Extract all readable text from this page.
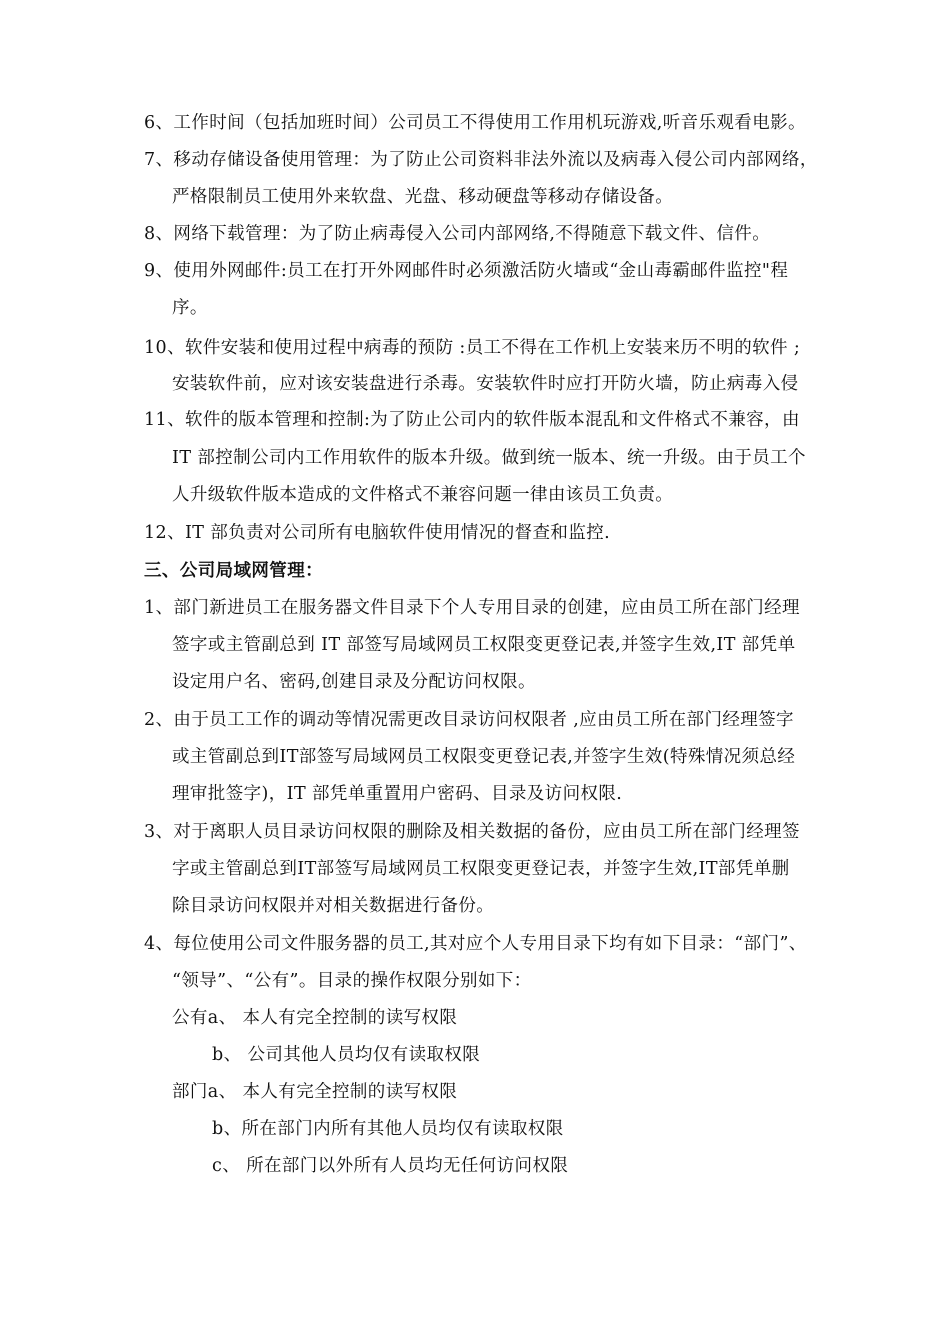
6、工作时间（包括加班时间）公司员工不得使用工作用机玩游戏,听音乐观看电影。
7、移动存储设备使用管理：为了防止公司资料非法外流以及病毒入侵公司内部网络，
严格限制员工使用外来软盘、光盘、移动硬盘等移动存储设备。
8、网络下载管理：为了防止病毒侵入公司内部网络,不得随意下载文件、信件。
9、使用外网邮件:员工在打开外网邮件时必须激活防火墙或“金山毒霸邮件监控"程
序。
10、软件安装和使用过程中病毒的预防 :员工不得在工作机上安装来历不明的软件 ;
安装软件前，应对该安装盘进行杀毒。安装软件时应打开防火墙，防止病毒入侵
11、软件的版本管理和控制:为了防止公司内的软件版本混乱和文件格式不兼容，由
IT 部控制公司内工作用软件的版本升级。做到统一版本、统一升级。由于员工个
人升级软件版本造成的文件格式不兼容问题一律由该员工负责。
12、IT 部负责对公司所有电脑软件使用情况的督查和监控.
三、公司局域网管理：
1、部门新进员工在服务器文件目录下个人专用目录的创建，应由员工所在部门经理
签字或主管副总到 IT 部签写局域网员工权限变更登记表,并签字生效,IT 部凭单
设定用户名、密码,创建目录及分配访问权限。
2、由于员工工作的调动等情况需更改目录访问权限者 ,应由员工所在部门经理签字
或主管副总到IT部签写局域网员工权限变更登记表,并签字生效(特殊情况须总经
理审批签字)，IT 部凭单重置用户密码、目录及访问权限.
3、对于离职人员目录访问权限的删除及相关数据的备份，应由员工所在部门经理签
字或主管副总到IT部签写局域网员工权限变更登记表，并签字生效,IT部凭单删
除目录访问权限并对相关数据进行备份。
4、每位使用公司文件服务器的员工,其对应个人专用目录下均有如下目录：“部门”、
“领导”、“公有”。目录的操作权限分别如下：
公有a、 本人有完全控制的读写权限
b、 公司其他人员均仅有读取权限
部门a、 本人有完全控制的读写权限
b、所在部门内所有其他人员均仅有读取权限
c、 所在部门以外所有人员均无任何访问权限
